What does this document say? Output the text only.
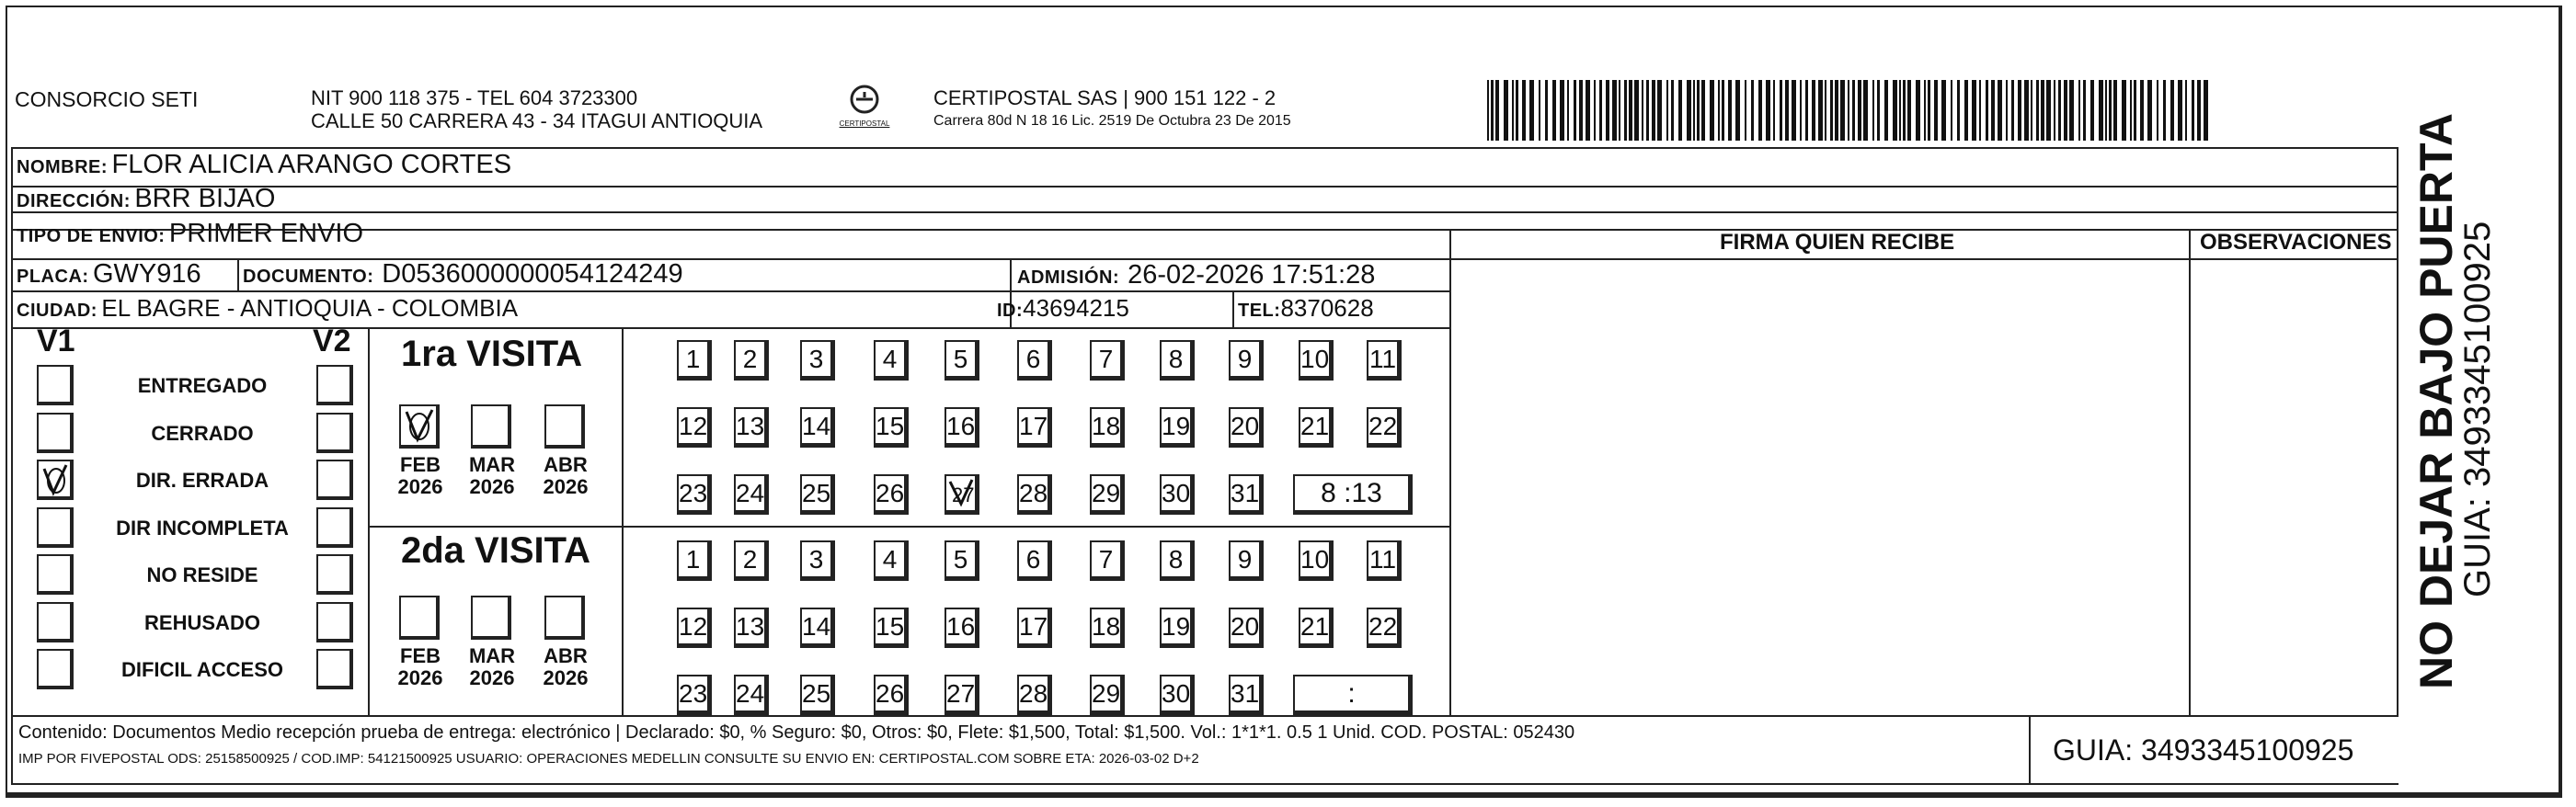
CONSORCIO SETI	NIT 900 118 375 - TEL 604 3723300
CALLE 50 CARRERA 43 - 34 ITAGUI ANTIOQUIA	CERTIPOSTAL
CERTIPOSTAL SAS | 900 151 122 - 2
Carrera 80d N 18 16 Lic. 2519 De Octubra 23 De 2015
NOMBRE: FLOR ALICIA ARANGO CORTES
DIRECCIÓN: BRR BIJAO
TIPO DE ENVIO: PRIMER ENVIO	FIRMA QUIEN RECIBE	OBSERVACIONES
PLACA: GWY916 DOCUMENTO: D0536000000054124249	ADMISIÓN: 26-02-2026 17:51:28
CIUDAD: EL BAGRE - ANTIOQUIA - COLOMBIA	ID:43694215	TEL:8370628
V1	V2
ENTREGADO
CERRADO
DIR. ERRADA
DIR INCOMPLETA
NO RESIDE
REHUSADO
DIFICIL ACCESO
1ra VISITA
2da VISITA
1	2	3	4	5	6	7	8	9	10 11
12 13 14 15 16 17 18 19 20 21 22
23 24 25 26 27 28 29 30 31	8 :13
1	2	3	4	5	6	7	8	9	10 11
12 13 14 15 16 17 18 19 20 21 22
23 24 25 26 27 28 29 30 31	:
FEB
2026
MAR
2026
ABR
2026
FEB
2026
MAR
2026
ABR
2026
Contenido: Documentos Medio recepción prueba de entrega: electrónico | Declarado: $0, % Seguro: $0, Otros: $0, Flete: $1,500, Total: $1,500. Vol.: 1*1*1. 0.5 1 Unid. COD. POSTAL: 052430
IMP POR FIVEPOSTAL ODS: 25158500925 / COD.IMP: 54121500925 USUARIO: OPERACIONES MEDELLIN CONSULTE SU ENVIO EN: CERTIPOSTAL.COM SOBRE ETA: 2026-03-02 D+2	GUIA: 3493345100925
NO DEJAR BAJO PUERTA
GUIA: 3493345100925
